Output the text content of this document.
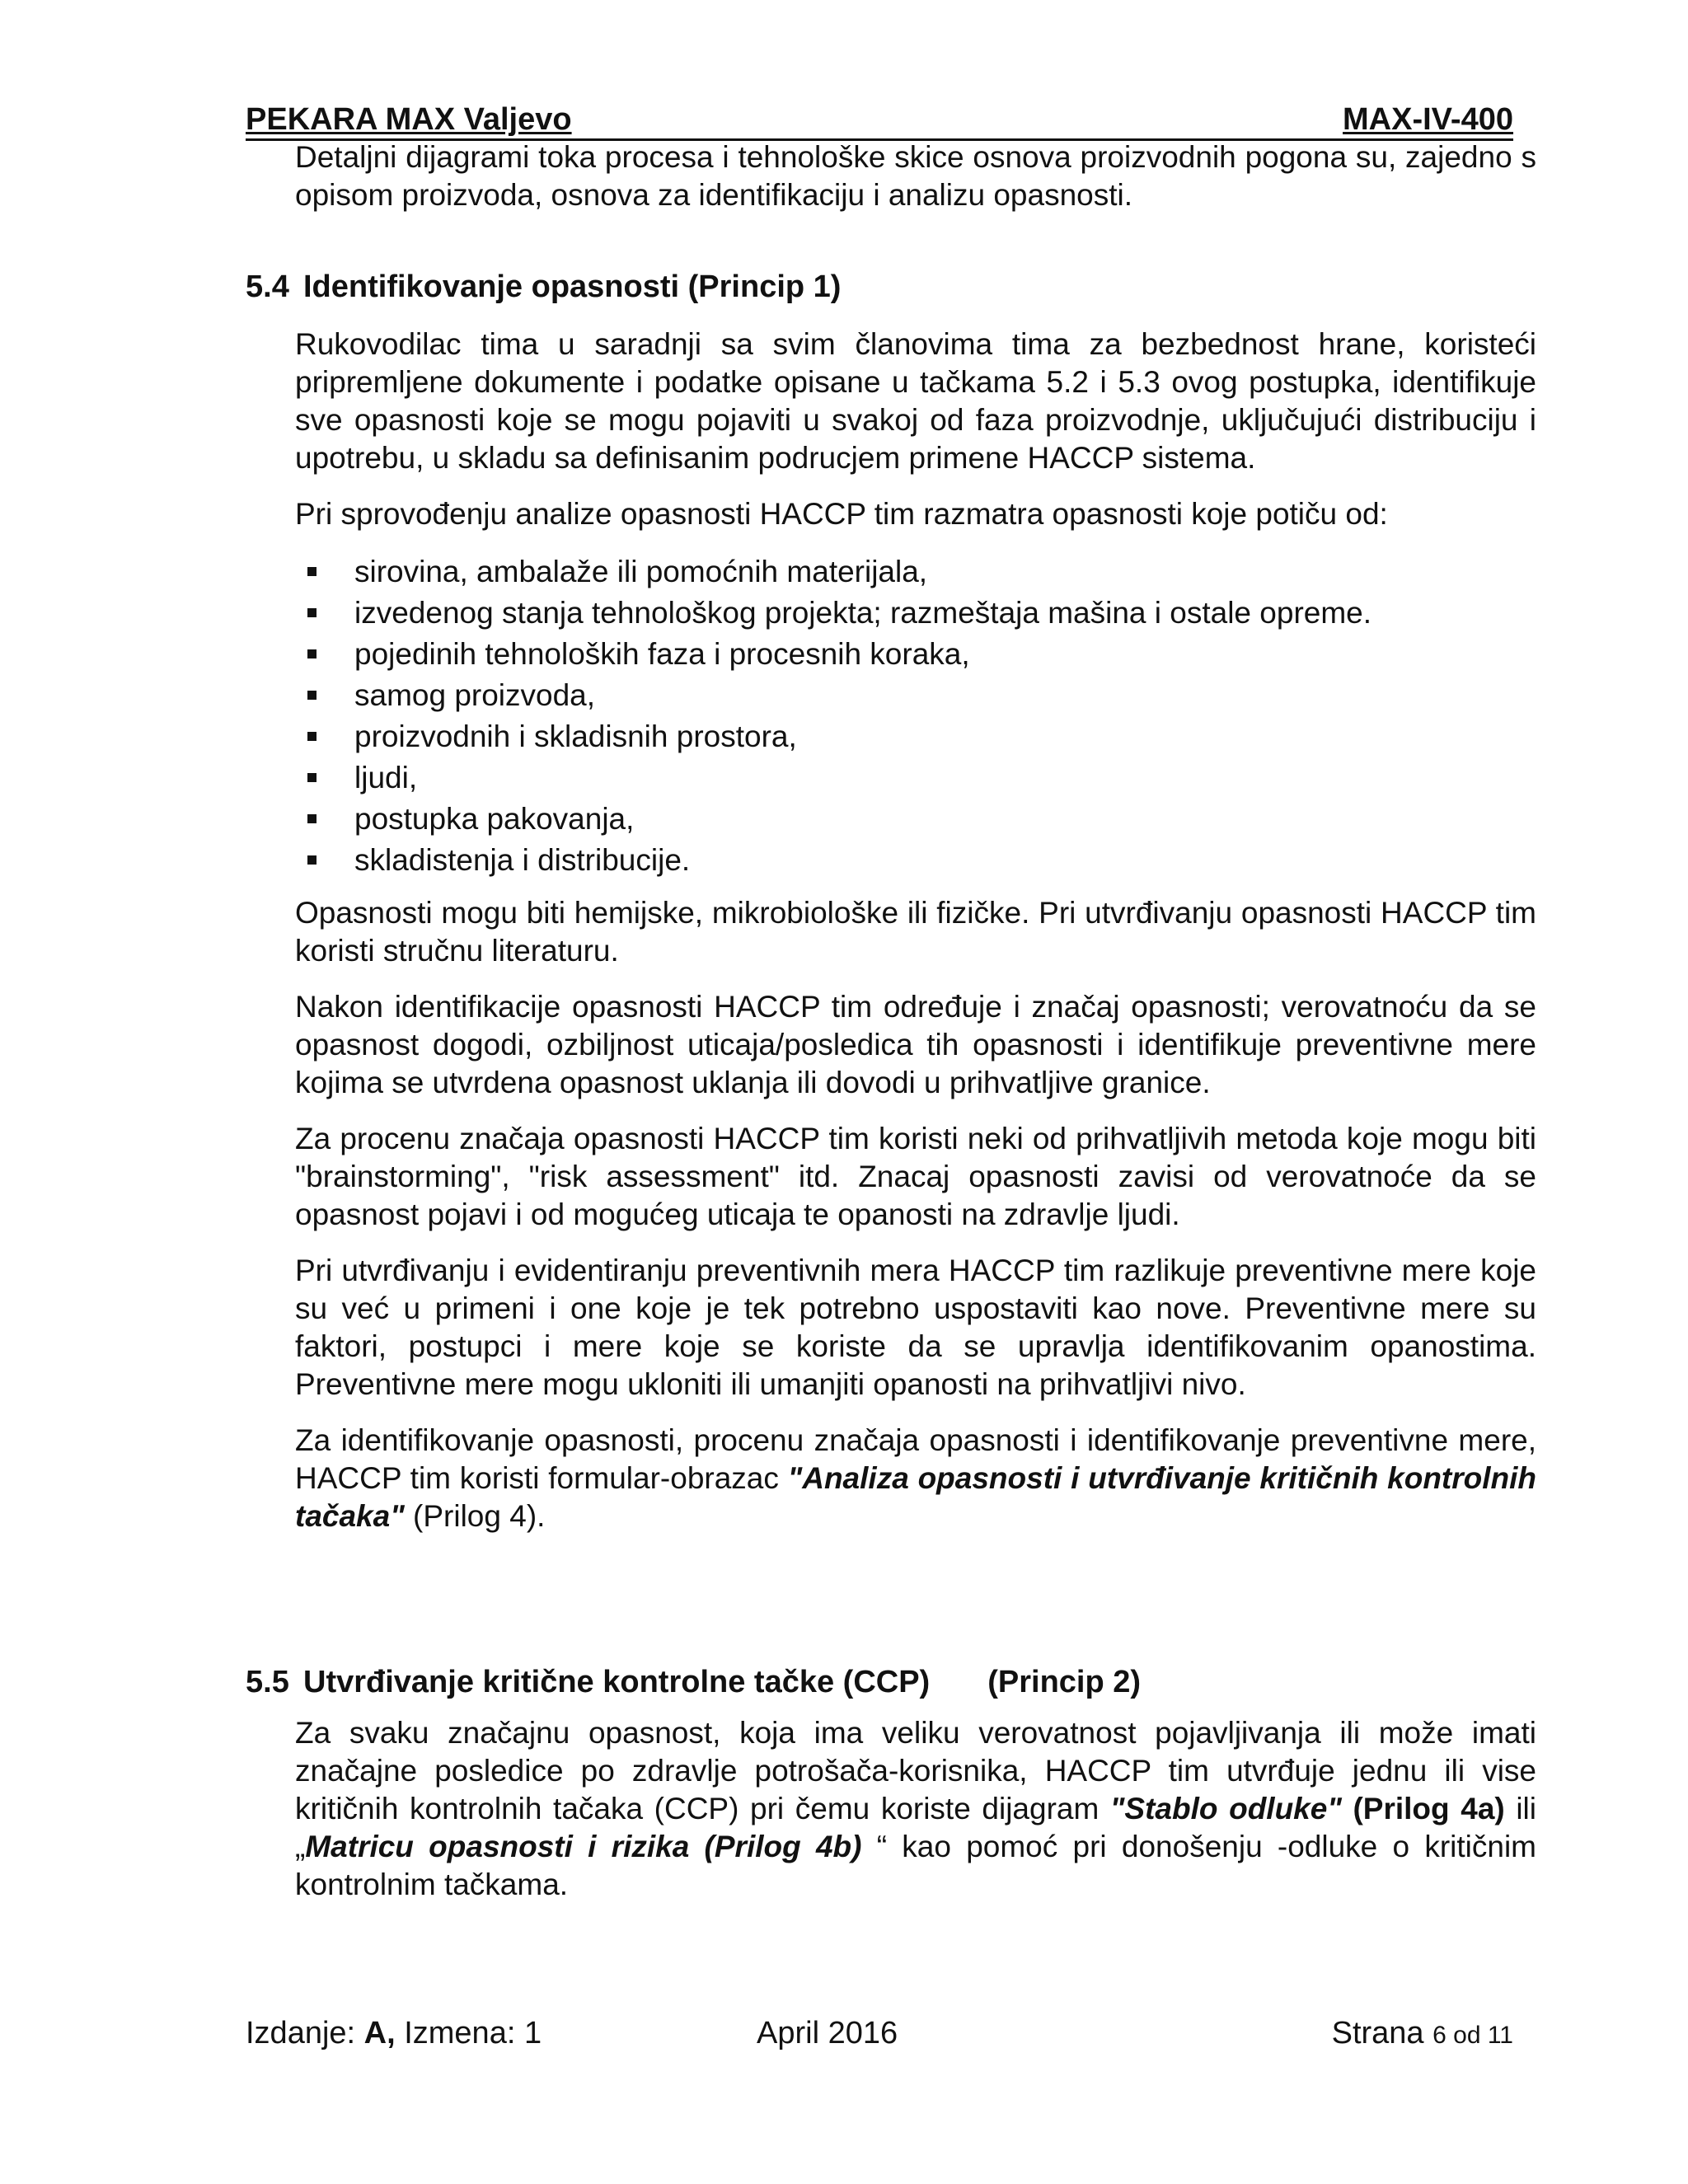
PEKARA MAX Valjevo	MAX-IV-400

Detaljni dijagrami toka procesa i tehnološke skice osnova proizvodnih pogona su, zajedno s opisom proizvoda, osnova za identifikaciju i analizu opasnosti.

5.4 Identifikovanje opasnosti (Princip 1)

Rukovodilac tima u saradnji sa svim članovima tima za bezbednost hrane, koristeći pripremljene dokumente i podatke opisane u tačkama 5.2 i 5.3 ovog postupka, identifikuje sve opasnosti koje se mogu pojaviti u svakoj od faza proizvodnje, uključujući distribuciju i upotrebu, u skladu sa definisanim podrucjem primene HACCP sistema.

Pri sprovođenju analize opasnosti HACCP tim razmatra opasnosti koje potiču od:

sirovina, ambalaže ili pomoćnih materijala,
izvedenog stanja tehnološkog projekta; razmeštaja mašina i ostale opreme.
pojedinih tehnoloških faza i procesnih koraka,
samog proizvoda,
proizvodnih i skladisnih prostora,
ljudi,
postupka pakovanja,
skladistenja i distribucije.

Opasnosti mogu biti hemijske, mikrobiološke ili fizičke. Pri utvrđivanju opasnosti HACCP tim koristi stručnu literaturu.

Nakon identifikacije opasnosti HACCP tim određuje i značaj opasnosti; verovatnoću da se opasnost dogodi, ozbiljnost uticaja/posledica tih opasnosti i identifikuje preventivne mere kojima se utvrdena opasnost uklanja ili dovodi u prihvatljive granice.

Za procenu značaja opasnosti HACCP tim koristi neki od prihvatljivih metoda koje mogu biti "brainstorming", "risk assessment" itd. Znacaj opasnosti zavisi od verovatnoće da se opasnost pojavi i od mogućeg uticaja te opanosti na zdravlje ljudi.

Pri utvrđivanju i evidentiranju preventivnih mera HACCP tim razlikuje preventivne mere koje su već u primeni i one koje je tek potrebno uspostaviti kao nove. Preventivne mere su faktori, postupci i mere koje se koriste da se upravlja identifikovanim opanostima. Preventivne mere mogu ukloniti ili umanjiti opanosti na prihvatljivi nivo.

Za identifikovanje opasnosti, procenu značaja opasnosti i identifikovanje preventivne mere, HACCP tim koristi formular-obrazac "Analiza opasnosti i utvrđivanje kritičnih kontrolnih tačaka" (Prilog 4).

5.5 Utvrđivanje kritične kontrolne tačke (CCP) (Princip 2)

Za svaku značajnu opasnost, koja ima veliku verovatnost pojavljivanja ili može imati značajne posledice po zdravlje potrošača-korisnika, HACCP tim utvrđuje jednu ili vise kritičnih kontrolnih tačaka (CCP) pri čemu koriste dijagram "Stablo odluke" (Prilog 4a) ili „Matricu opasnosti i rizika (Prilog 4b) “ kao pomoć pri donošenju -odluke o kritičnim kontrolnim tačkama.

Izdanje: A, Izmena: 1	April 2016	Strana 6 od 11
